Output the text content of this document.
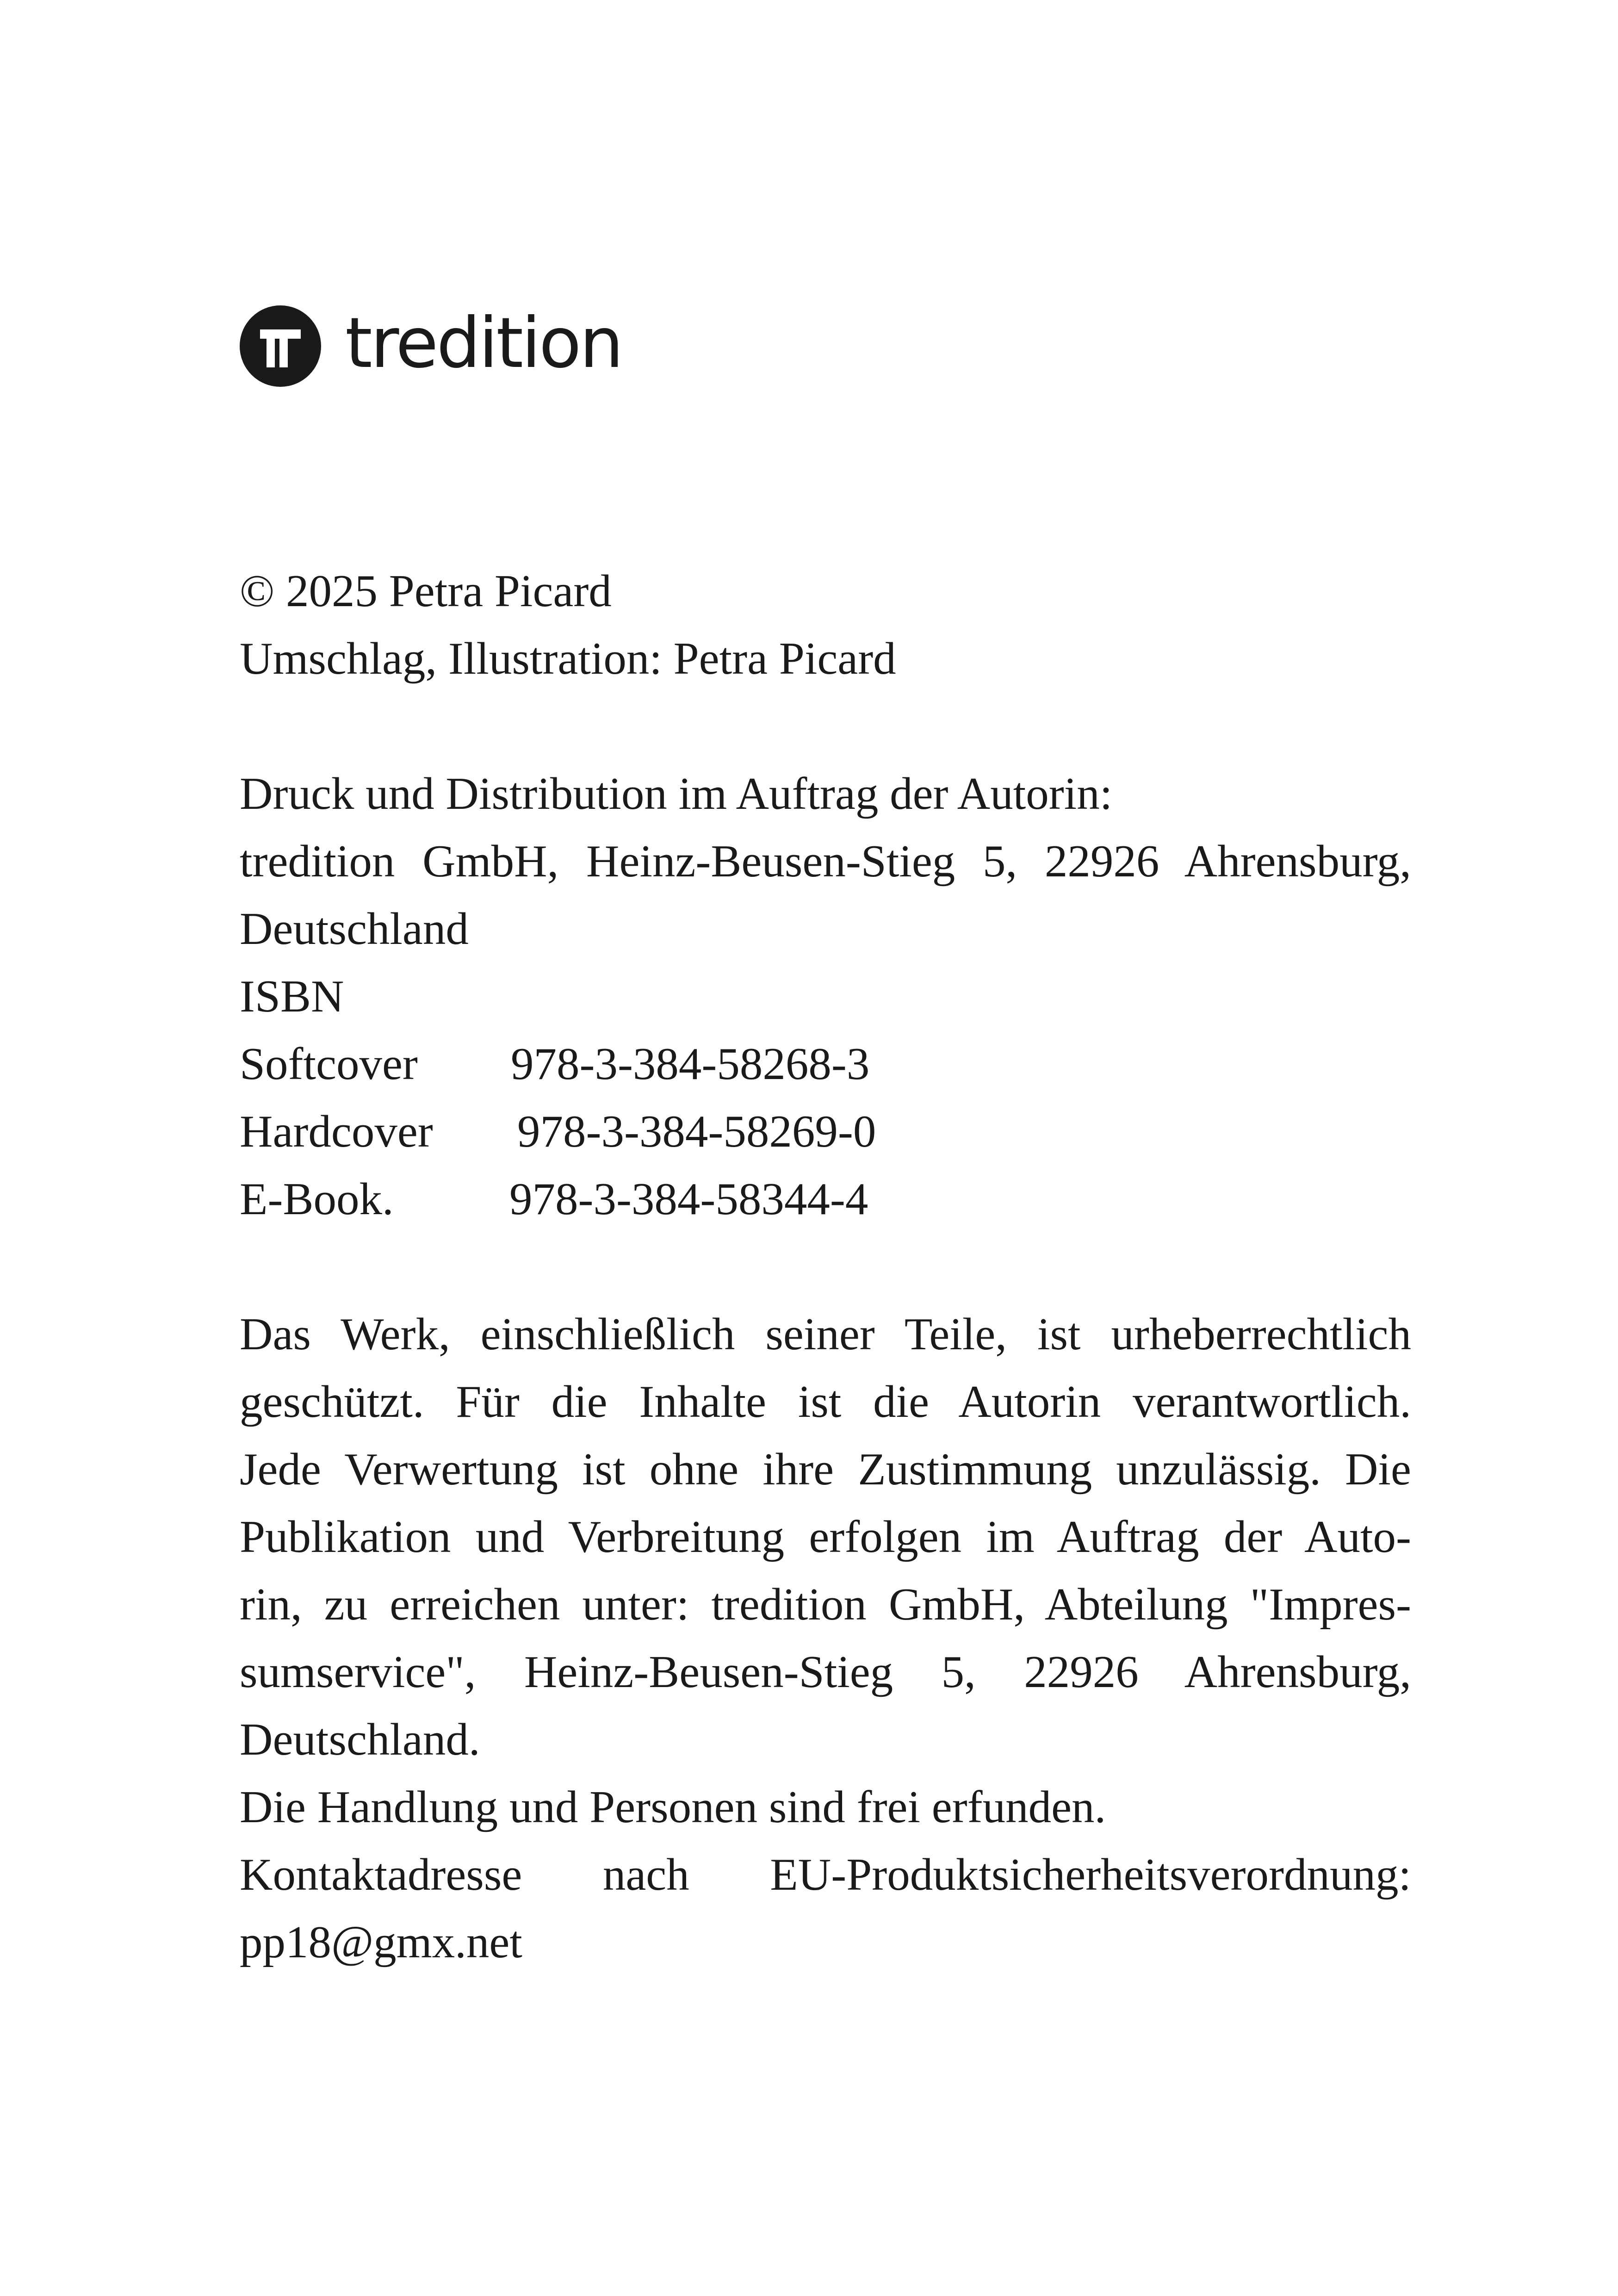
tredition
© 2025 Petra Picard
Umschlag, Illustration: Petra Picard
Druck und Distribution im Auftrag der Autorin:
tredition GmbH, Heinz-Beusen-Stieg 5, 22926 Ahrensburg,
Deutschland
ISBN
Softcover	978-3-384-58268-3
Hardcover	978-3-384-58269-0
E-Book.	978-3-384-58344-4
Das Werk, einschließlich seiner Teile, ist urheberrechtlich
geschützt. Für die Inhalte ist die Autorin verantwortlich.
Jede Verwertung ist ohne ihre Zustimmung unzulässig. Die
Publikation und Verbreitung erfolgen im Auftrag der Auto-
rin, zu erreichen unter: tredition GmbH, Abteilung "Impres-
sumservice", Heinz-Beusen-Stieg 5, 22926 Ahrensburg,
Deutschland.
Die Handlung und Personen sind frei erfunden.
Kontaktadresse nach EU-Produktsicherheitsverordnung:
pp18@gmx.net
